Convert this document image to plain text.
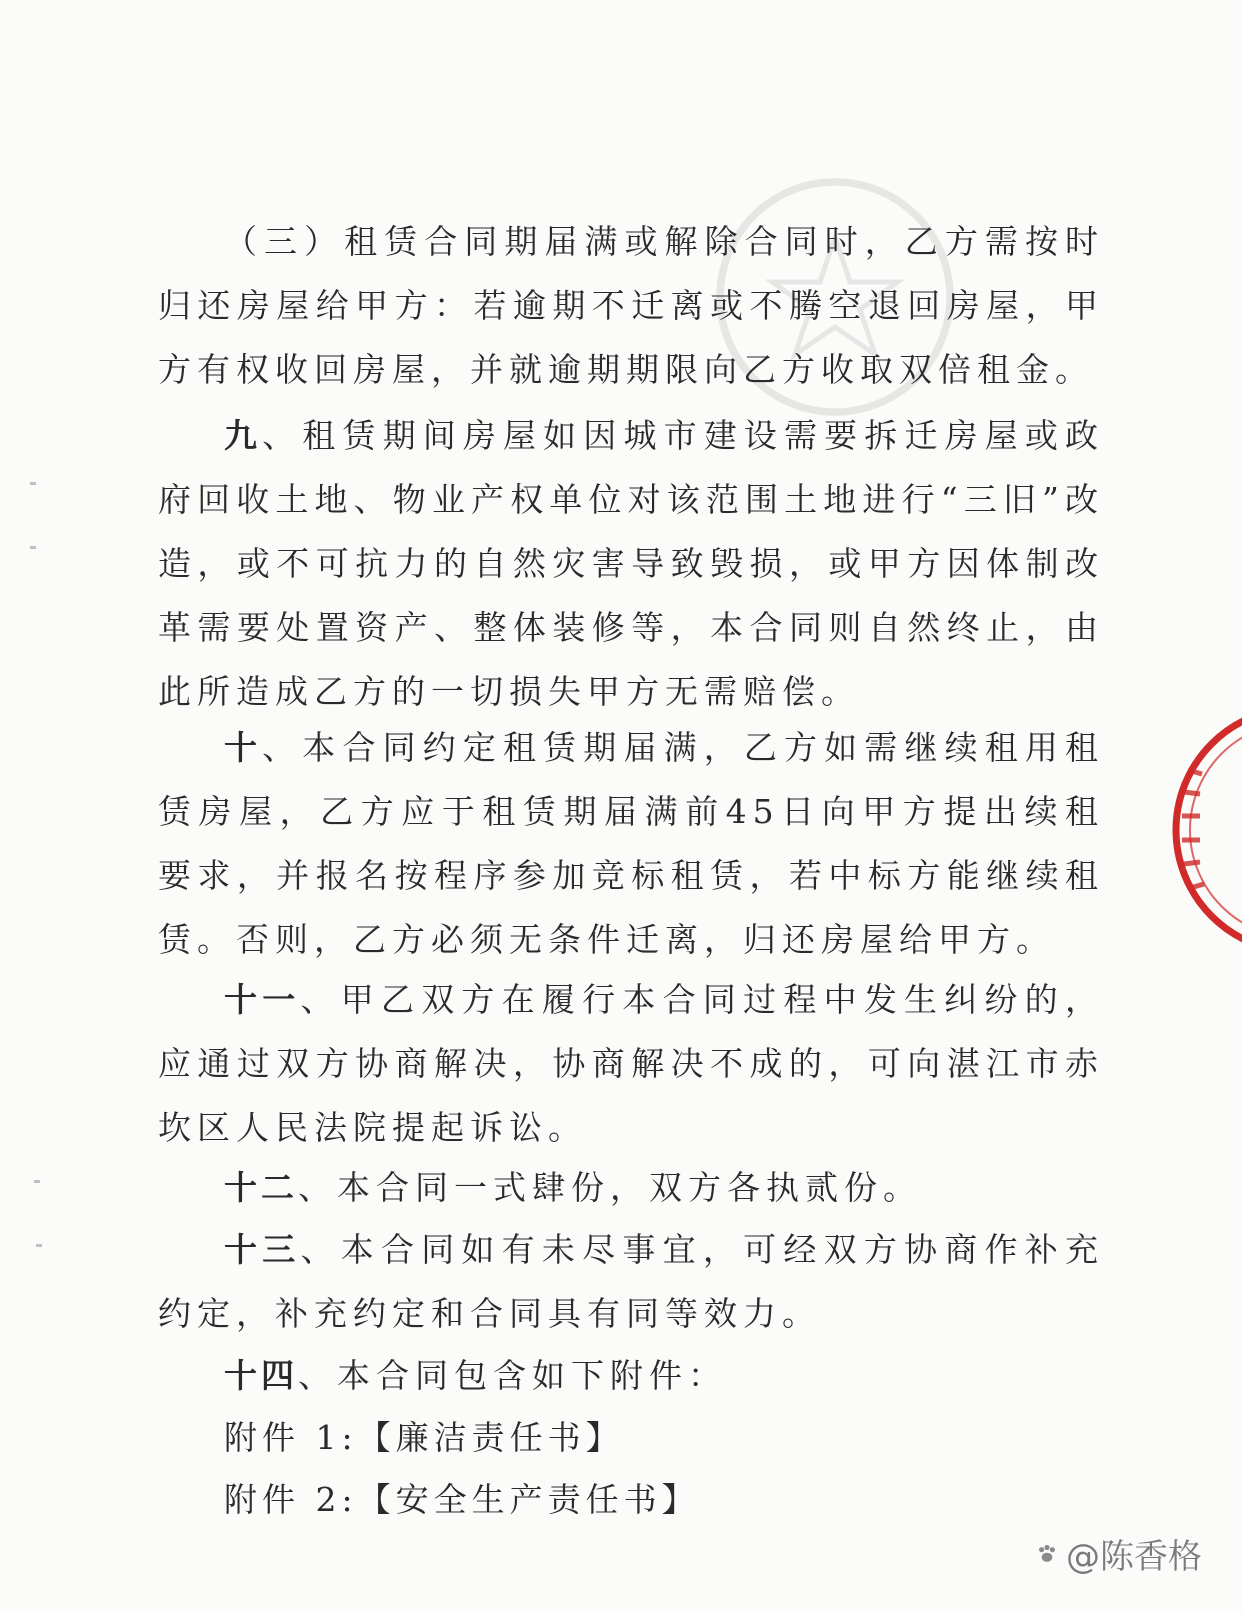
（三）租赁合同期届满或解除合同时，乙方需按时归还房屋给甲方：若逾期不迁离或不腾空退回房屋，甲方有权收回房屋，并就逾期期限向乙方收取双倍租金。

九、租赁期间房屋如因城市建设需要拆迁房屋或政府回收土地、物业产权单位对该范围土地进行“三旧”改造，或不可抗力的自然灾害导致毁损，或甲方因体制改革需要处置资产、整体装修等，本合同则自然终止，由此所造成乙方的一切损失甲方无需赔偿。

十、本合同约定租赁期届满，乙方如需继续租用租赁房屋，乙方应于租赁期届满前45日向甲方提出续租要求，并报名按程序参加竞标租赁，若中标方能继续租赁。否则，乙方必须无条件迁离，归还房屋给甲方。

十一、甲乙双方在履行本合同过程中发生纠纷的，应通过双方协商解决，协商解决不成的，可向湛江市赤坎区人民法院提起诉讼。

十二、本合同一式肆份，双方各执贰份。

十三、本合同如有未尽事宜，可经双方协商作补充约定，补充约定和合同具有同等效力。

十四、本合同包含如下附件：

附件 1:【廉洁责任书】

附件 2:【安全生产责任书】

@陈香格
